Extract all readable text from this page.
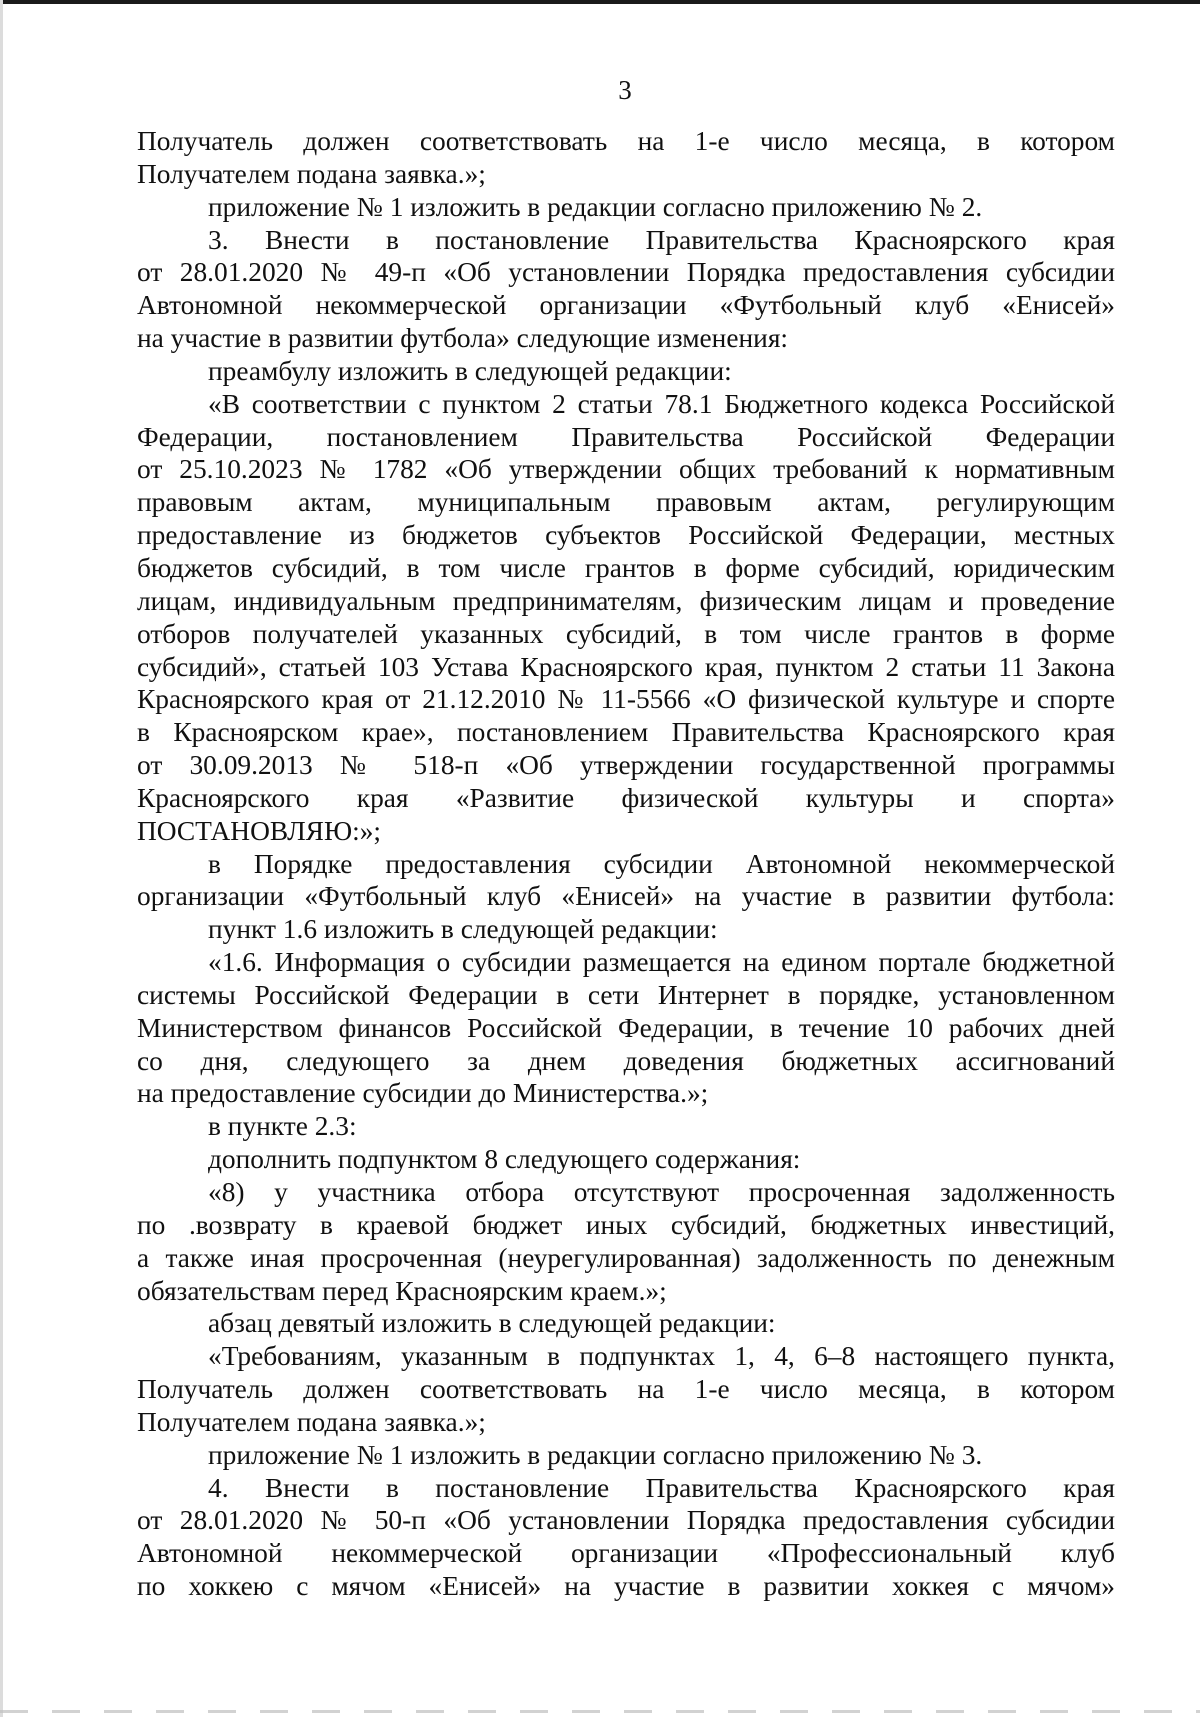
3
Получатель должен соответствовать на 1-е число месяца, в котором
Получателем подана заявка.»;
приложение № 1 изложить в редакции согласно приложению № 2.
3. Внести в постановление Правительства Красноярского края
от 28.01.2020 № 49-п «Об установлении Порядка предоставления субсидии
Автономной некоммерческой организации «Футбольный клуб «Енисей»
на участие в развитии футбола» следующие изменения:
преамбулу изложить в следующей редакции:
«В соответствии с пунктом 2 статьи 78.1 Бюджетного кодекса Российской
Федерации, постановлением Правительства Российской Федерации
от 25.10.2023 № 1782 «Об утверждении общих требований к нормативным
правовым актам, муниципальным правовым актам, регулирующим
предоставление из бюджетов субъектов Российской Федерации, местных
бюджетов субсидий, в том числе грантов в форме субсидий, юридическим
лицам, индивидуальным предпринимателям, физическим лицам и проведение
отборов получателей указанных субсидий, в том числе грантов в форме
субсидий», статьей 103 Устава Красноярского края, пунктом 2 статьи 11 Закона
Красноярского края от 21.12.2010 № 11-5566 «О физической культуре и спорте
в Красноярском крае», постановлением Правительства Красноярского края
от 30.09.2013 № 518-п «Об утверждении государственной программы
Красноярского края «Развитие физической культуры и спорта»
ПОСТАНОВЛЯЮ:»;
в Порядке предоставления субсидии Автономной некоммерческой
организации «Футбольный клуб «Енисей» на участие в развитии футбола:
пункт 1.6 изложить в следующей редакции:
«1.6. Информация о субсидии размещается на едином портале бюджетной
системы Российской Федерации в сети Интернет в порядке, установленном
Министерством финансов Российской Федерации, в течение 10 рабочих дней
со дня, следующего за днем доведения бюджетных ассигнований
на предоставление субсидии до Министерства.»;
в пункте 2.3:
дополнить подпунктом 8 следующего содержания:
«8) у участника отбора отсутствуют просроченная задолженность
по .возврату в краевой бюджет иных субсидий, бюджетных инвестиций,
а также иная просроченная (неурегулированная) задолженность по денежным
обязательствам перед Красноярским краем.»;
абзац девятый изложить в следующей редакции:
«Требованиям, указанным в подпунктах 1, 4, 6–8 настоящего пункта,
Получатель должен соответствовать на 1-е число месяца, в котором
Получателем подана заявка.»;
приложение № 1 изложить в редакции согласно приложению № 3.
4. Внести в постановление Правительства Красноярского края
от 28.01.2020 № 50-п «Об установлении Порядка предоставления субсидии
Автономной некоммерческой организации «Профессиональный клуб
по хоккею с мячом «Енисей» на участие в развитии хоккея с мячом»
